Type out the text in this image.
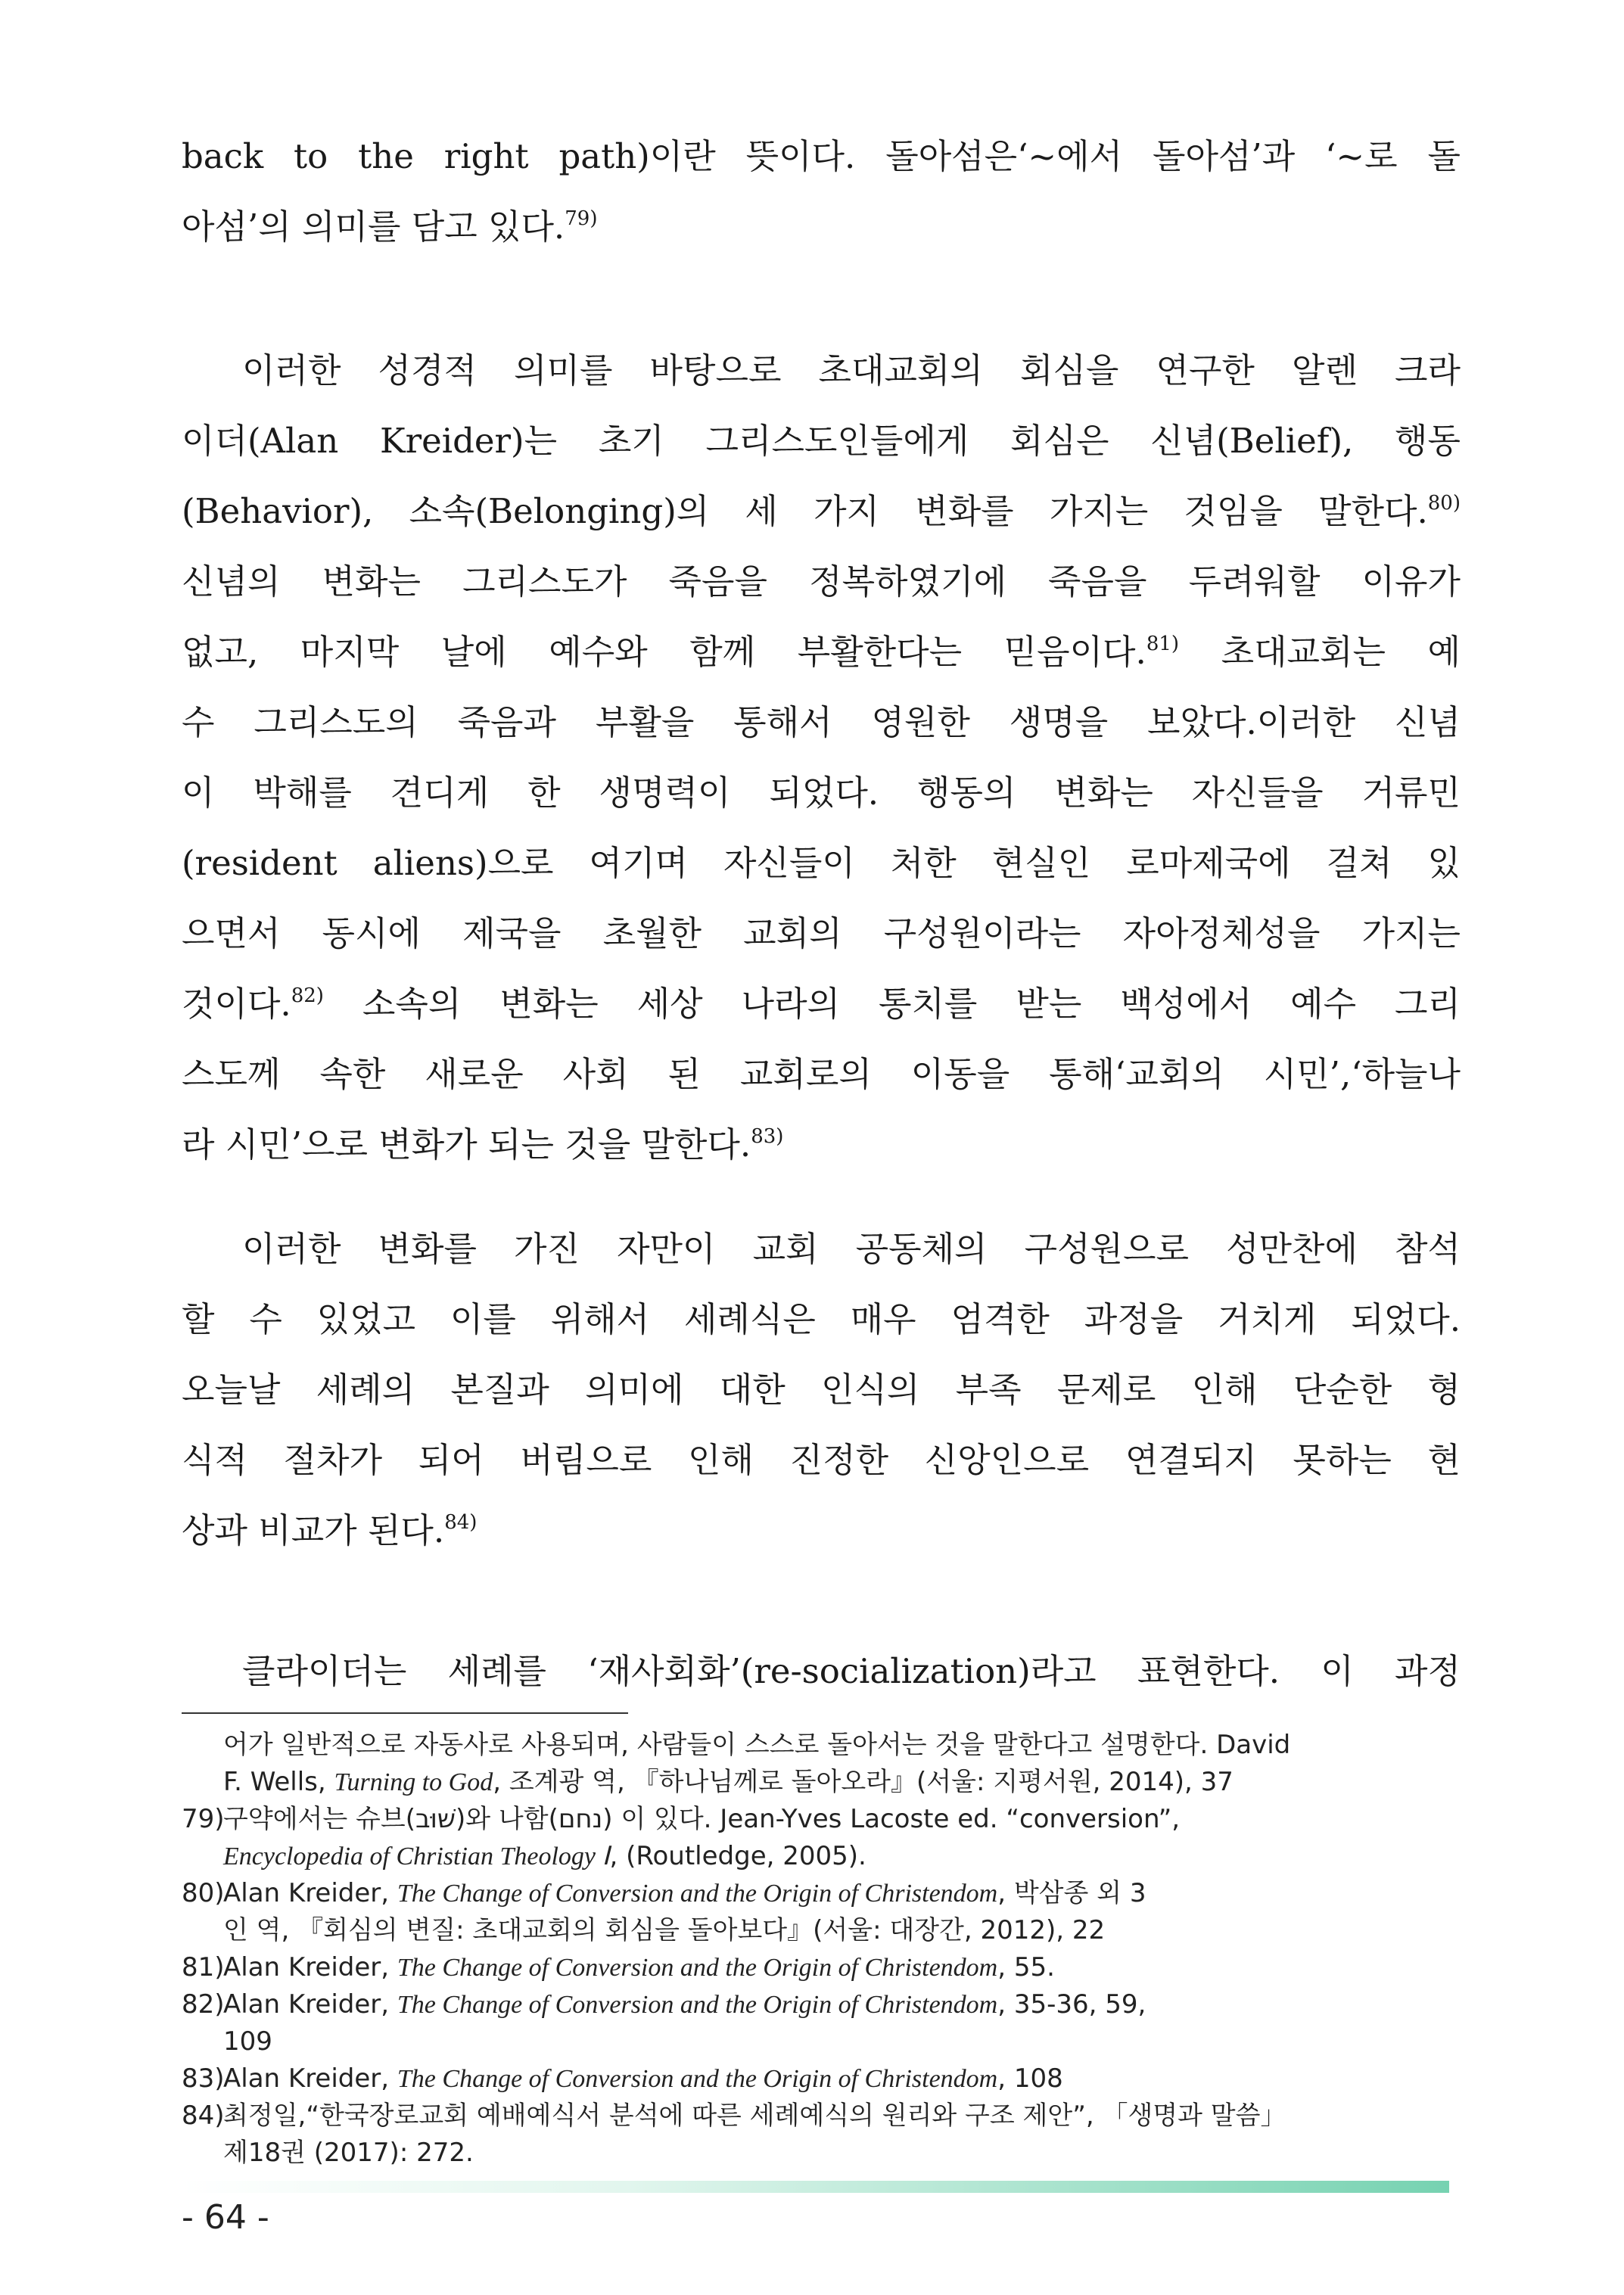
back to the right path)이란 뜻이다. 돌아섬은‘~에서 돌아섬’과 ‘~로 돌
아섬’의 의미를 담고 있다.$^{79)}$

이러한 성경적 의미를 바탕으로 초대교회의 회심을 연구한 알렌 크라
이더(Alan Kreider)는 초기 그리스도인들에게 회심은 신념(Belief), 행동
(Behavior), 소속(Belonging)의 세 가지 변화를 가지는 것임을 말한다.$^{80)}$
신념의 변화는 그리스도가 죽음을 정복하였기에 죽음을 두려워할 이유가
없고, 마지막 날에 예수와 함께 부활한다는 믿음이다.$^{81)}$ 초대교회는 예
수 그리스도의 죽음과 부활을 통해서 영원한 생명을 보았다.이러한 신념
이 박해를 견디게 한 생명력이 되었다. 행동의 변화는 자신들을 거류민
(resident aliens)으로 여기며 자신들이 처한 현실인 로마제국에 걸쳐 있
으면서 동시에 제국을 초월한 교회의 구성원이라는 자아정체성을 가지는
것이다.$^{82)}$ 소속의 변화는 세상 나라의 통치를 받는 백성에서 예수 그리
스도께 속한 새로운 사회 된 교회로의 이동을 통해‘교회의 시민’,‘하늘나
라 시민’으로 변화가 되는 것을 말한다.$^{83)}$

이러한 변화를 가진 자만이 교회 공동체의 구성원으로 성만찬에 참석
할 수 있었고 이를 위해서 세례식은 매우 엄격한 과정을 거치게 되었다.
오늘날 세례의 본질과 의미에 대한 인식의 부족 문제로 인해 단순한 형
식적 절차가 되어 버림으로 인해 진정한 신앙인으로 연결되지 못하는 현
상과 비교가 된다.$^{84)}$

클라이더는 세례를 ‘재사회화’(re-socialization)라고 표현한다. 이 과정

어가 일반적으로 자동사로 사용되며, 사람들이 스스로 돌아서는 것을 말한다고 설명한다. David
F. Wells, Turning to God, 조계광 역, 『하나님께로 돌아오라』(서울: 지평서원, 2014), 37

79)
구약에서는 슈브(שׁוּב)와 나함(נחם) 이 있다. Jean-Yves Lacoste ed. “conversion”,
Encyclopedia of Christian Theology Ⅰ, (Routledge, 2005).

80)
Alan Kreider, The Change of Conversion and the Origin of Christendom, 박삼종 외 3
인 역, 『회심의 변질: 초대교회의 회심을 돌아보다』(서울: 대장간, 2012), 22

81)
Alan Kreider, The Change of Conversion and the Origin of Christendom, 55.

82)
Alan Kreider, The Change of Conversion and the Origin of Christendom, 35-36, 59,
109

83)
Alan Kreider, The Change of Conversion and the Origin of Christendom, 108

84)
최정일,“한국장로교회 예배예식서 분석에 따른 세례예식의 원리와 구조 제안”, 「생명과 말씀」
제18권 (2017): 272.

- 64 -
